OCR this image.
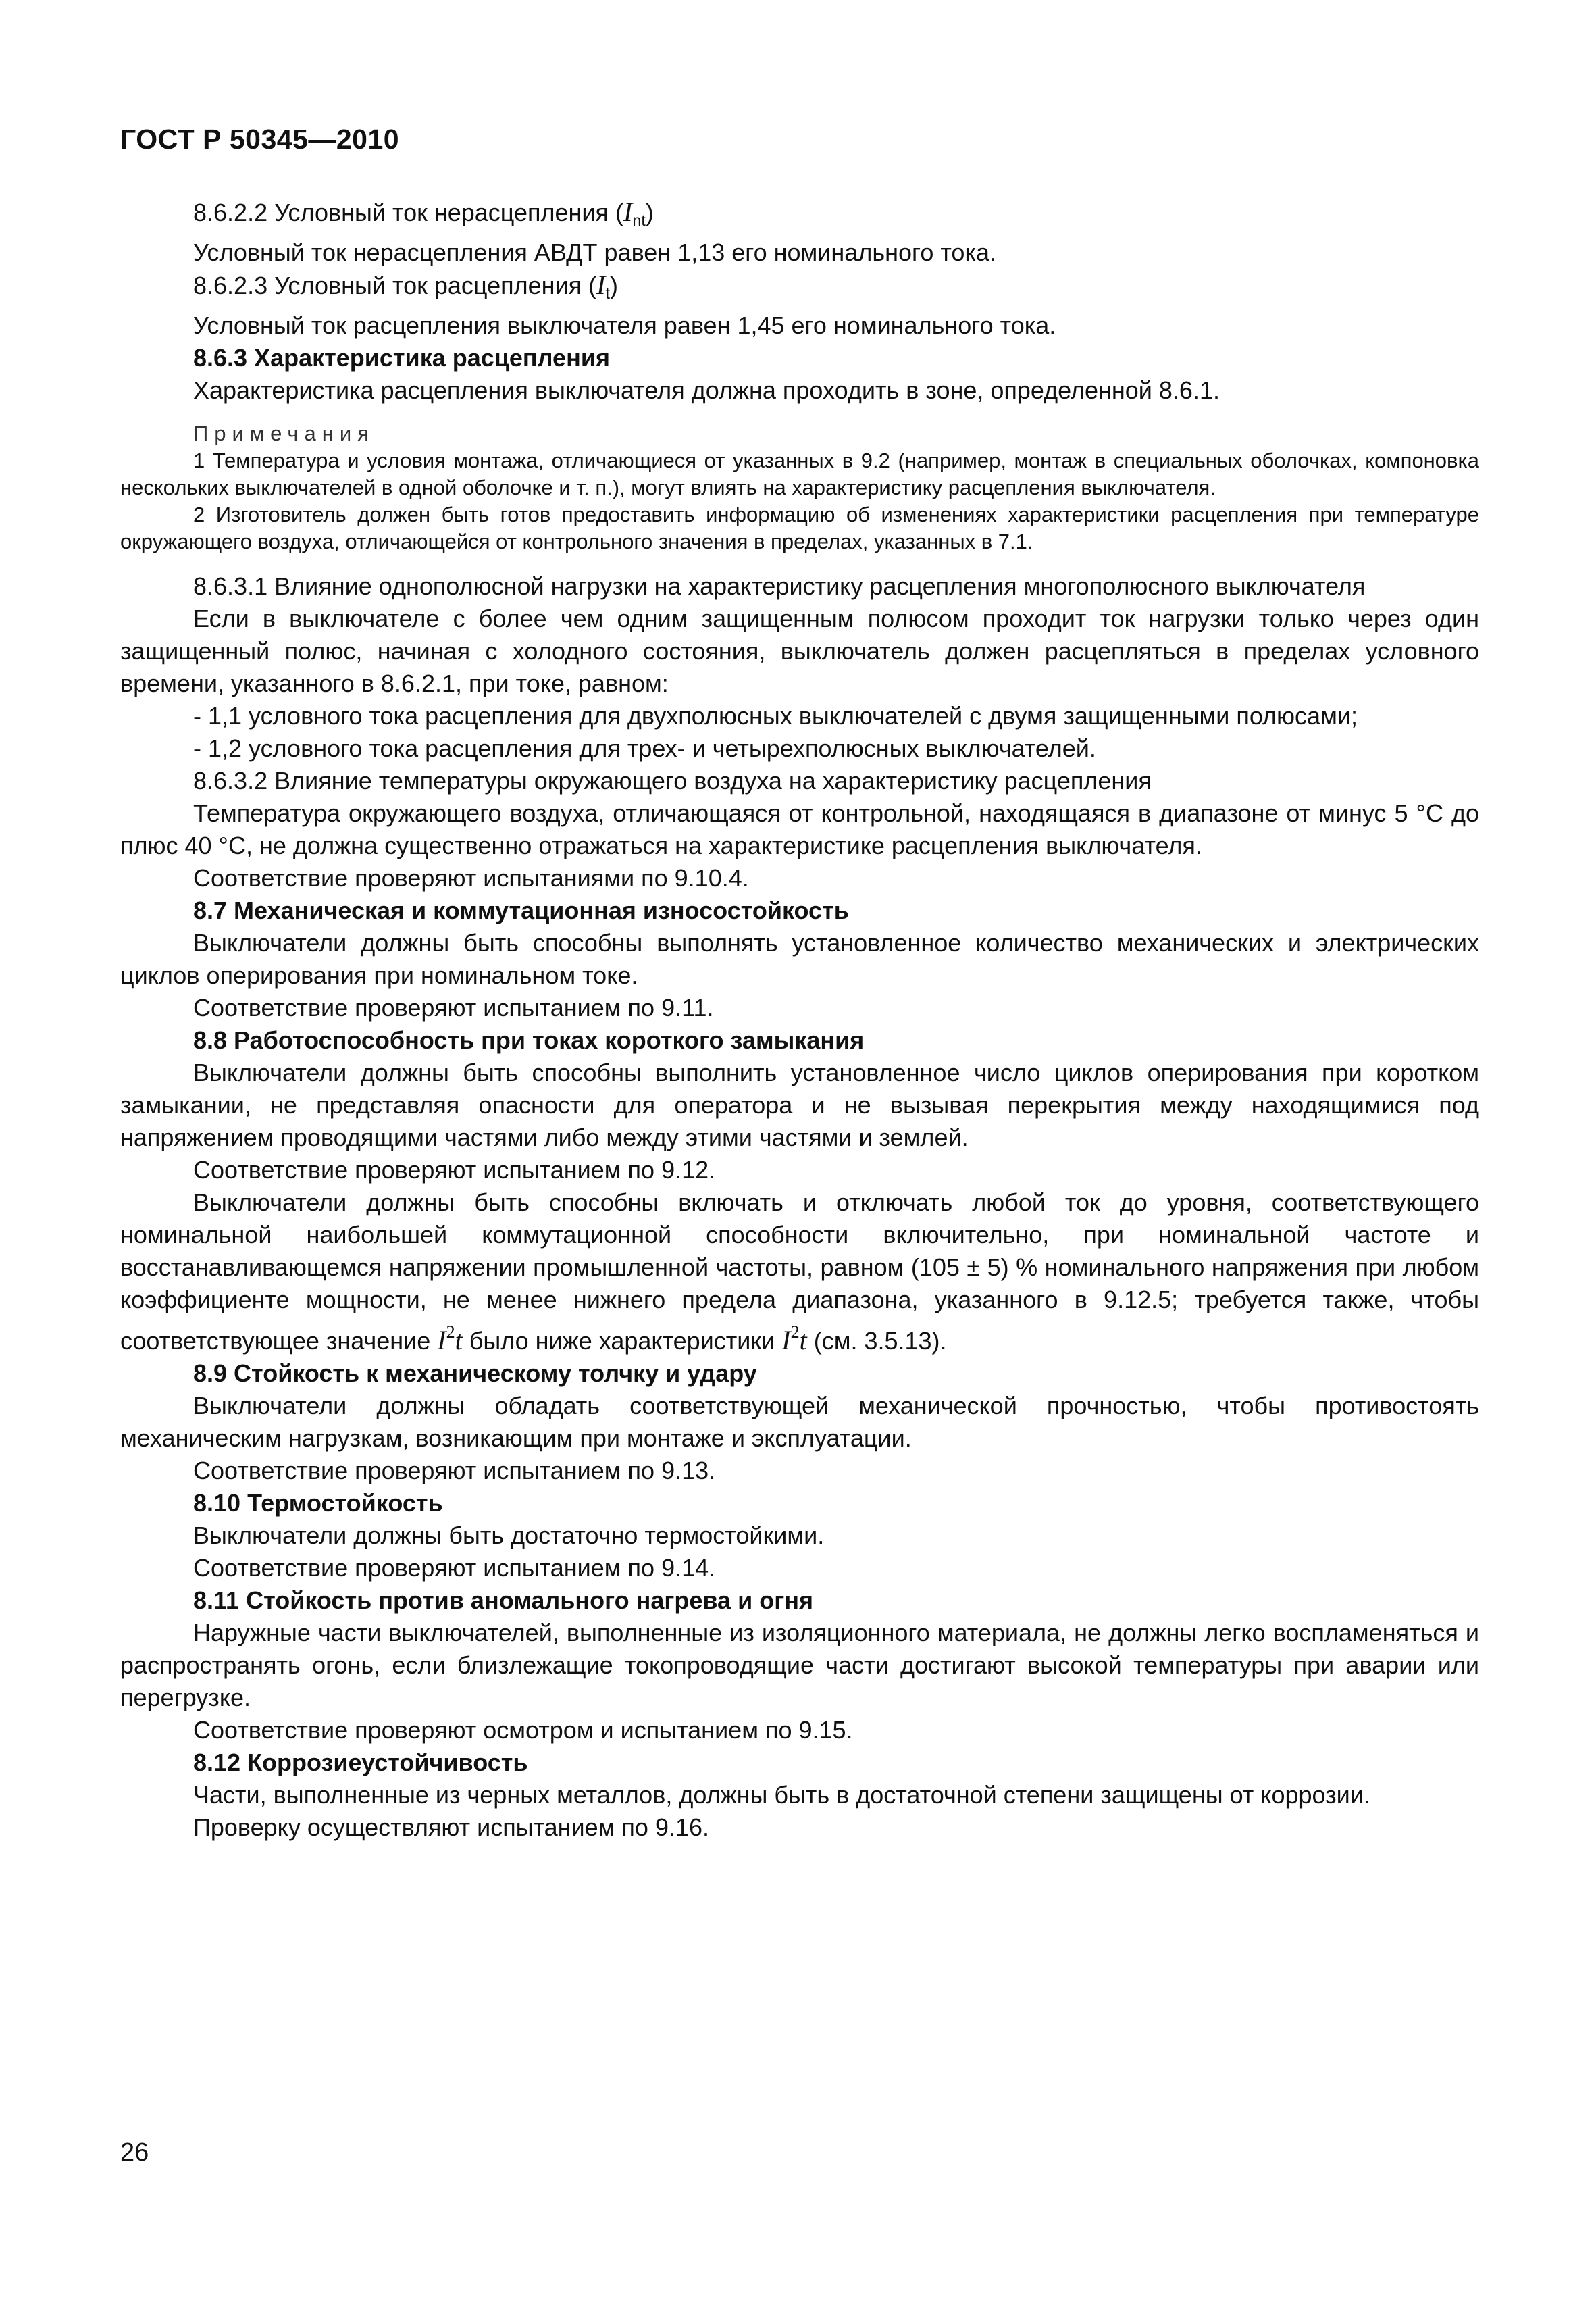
ГОСТ Р 50345—2010

8.6.2.2 Условный ток нерасцепления $(I_{nt})$

Условный ток нерасцепления АВДТ равен 1,13 его номинального тока.

8.6.2.3 Условный ток расцепления $(I_t)$

Условный ток расцепления выключателя равен 1,45 его номинального тока.

8.6.3 Характеристика расцепления

Характеристика расцепления выключателя должна проходить в зоне, определенной 8.6.1.

Примечания

1 Температура и условия монтажа, отличающиеся от указанных в 9.2 (например, монтаж в специальных оболочках, компоновка нескольких выключателей в одной оболочке и т. п.), могут влиять на характеристику расцепления выключателя.

2 Изготовитель должен быть готов предоставить информацию об изменениях характеристики расцепления при температуре окружающего воздуха, отличающейся от контрольного значения в пределах, указанных в 7.1.

8.6.3.1 Влияние однополюсной нагрузки на характеристику расцепления многополюсного выключателя

Если в выключателе с более чем одним защищенным полюсом проходит ток нагрузки только через один защищенный полюс, начиная с холодного состояния, выключатель должен расцепляться в пределах условного времени, указанного в 8.6.2.1, при токе, равном:

- 1,1 условного тока расцепления для двухполюсных выключателей с двумя защищенными полюсами;

- 1,2 условного тока расцепления для трех- и четырехполюсных выключателей.

8.6.3.2 Влияние температуры окружающего воздуха на характеристику расцепления

Температура окружающего воздуха, отличающаяся от контрольной, находящаяся в диапазоне от минус 5 °С до плюс 40 °С, не должна существенно отражаться на характеристике расцепления выключателя.

Соответствие проверяют испытаниями по 9.10.4.

8.7 Механическая и коммутационная износостойкость

Выключатели должны быть способны выполнять установленное количество механических и электрических циклов оперирования при номинальном токе.

Соответствие проверяют испытанием по 9.11.

8.8 Работоспособность при токах короткого замыкания

Выключатели должны быть способны выполнить установленное число циклов оперирования при коротком замыкании, не представляя опасности для оператора и не вызывая перекрытия между находящимися под напряжением проводящими частями либо между этими частями и землей.

Соответствие проверяют испытанием по 9.12.

Выключатели должны быть способны включать и отключать любой ток до уровня, соответствующего номинальной наибольшей коммутационной способности включительно, при номинальной частоте и восстанавливающемся напряжении промышленной частоты, равном (105 ± 5) % номинального напряжения при любом коэффициенте мощности, не менее нижнего предела диапазона, указанного в 9.12.5; требуется также, чтобы соответствующее значение $I^2t$ было ниже характеристики $I^2t$ (см. 3.5.13).

8.9 Стойкость к механическому толчку и удару

Выключатели должны обладать соответствующей механической прочностью, чтобы противостоять механическим нагрузкам, возникающим при монтаже и эксплуатации.

Соответствие проверяют испытанием по 9.13.

8.10 Термостойкость

Выключатели должны быть достаточно термостойкими.

Соответствие проверяют испытанием по 9.14.

8.11 Стойкость против аномального нагрева и огня

Наружные части выключателей, выполненные из изоляционного материала, не должны легко воспламеняться и распространять огонь, если близлежащие токопроводящие части достигают высокой температуры при аварии или перегрузке.

Соответствие проверяют осмотром и испытанием по 9.15.

8.12 Коррозиеустойчивость

Части, выполненные из черных металлов, должны быть в достаточной степени защищены от коррозии.

Проверку осуществляют испытанием по 9.16.

26
